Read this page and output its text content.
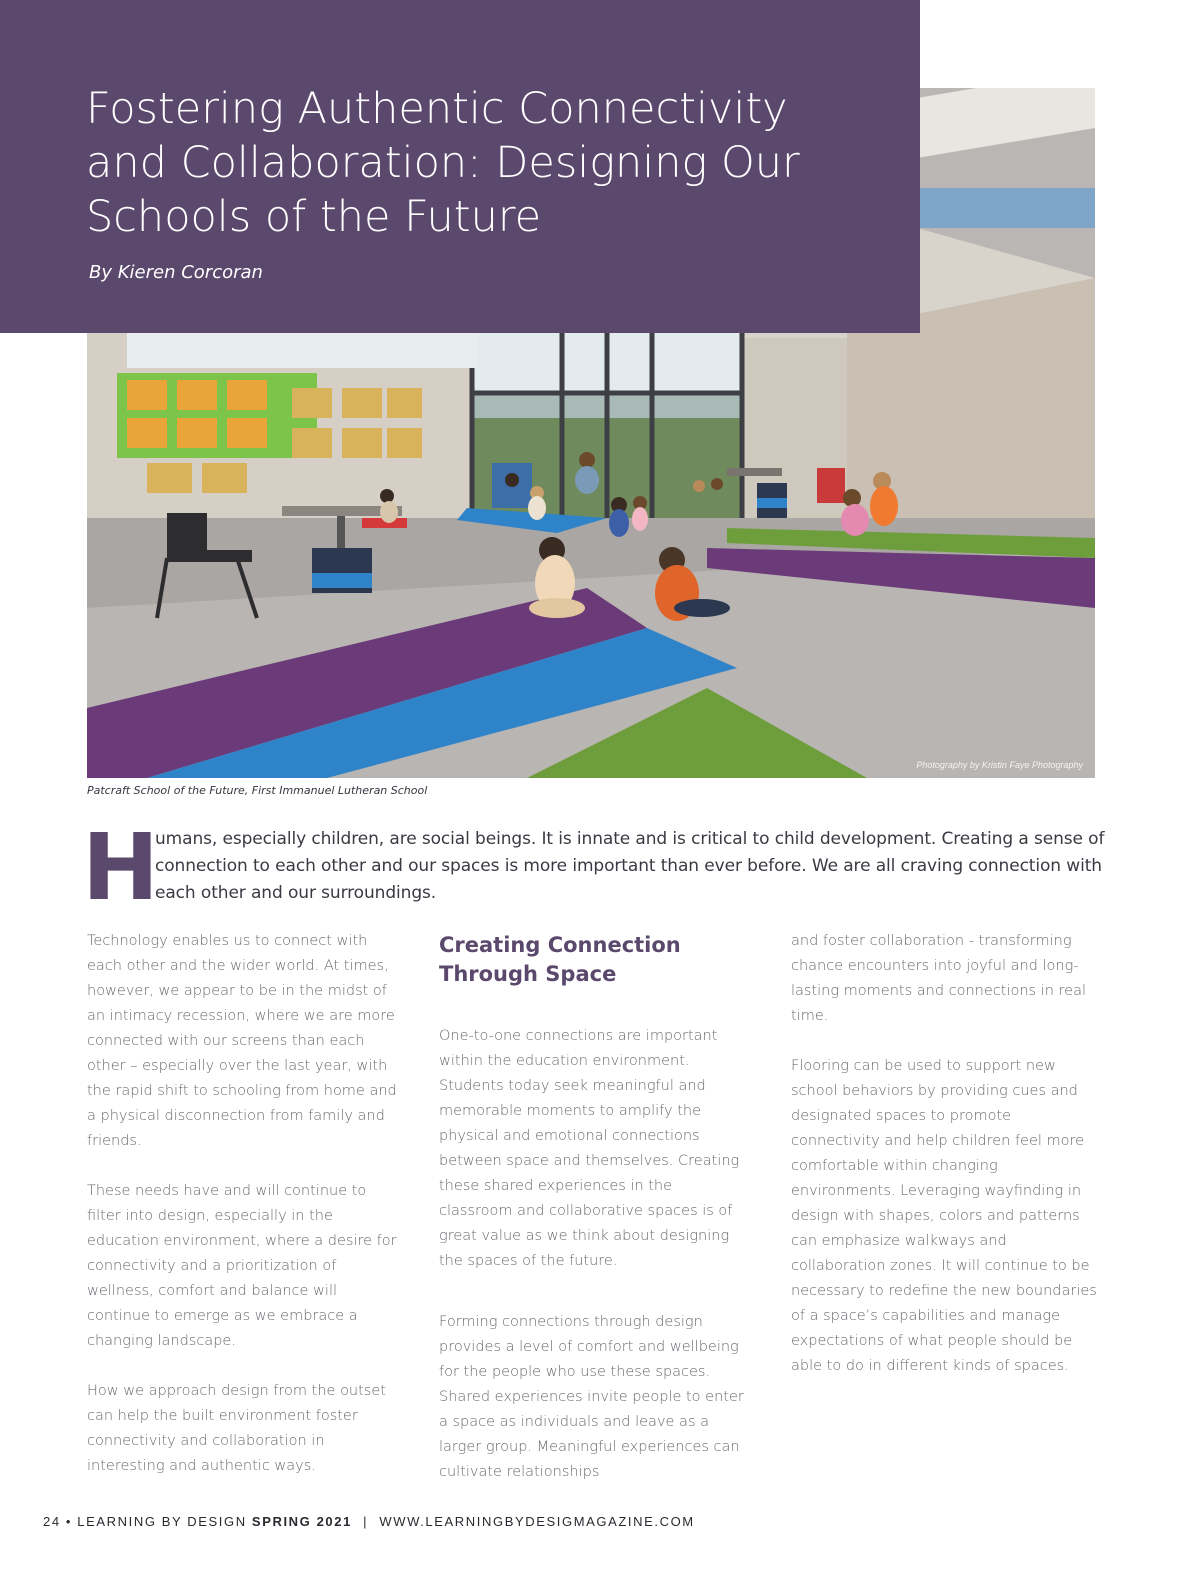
Photography by Kristin Faye Photography
Fostering Authentic Connectivity and Collaboration: Designing Our Schools of the Future

By Kieren Corcoran

Patcraft School of the Future, First Immanuel Lutheran School
H

umans, especially children, are social beings. It is innate and is critical to child development. Creating a sense of connection to each other and our spaces is more important than ever before. We are all craving connection with each other and our surroundings.

Technology enables us to connect with each other and the wider world. At times, however, we appear to be in the midst of an intimacy recession, where we are more connected with our screens than each other – especially over the last year, with the rapid shift to schooling from home and a physical disconnection from family and friends.

These needs have and will continue to filter into design, especially in the education environment, where a desire for connectivity and a prioritization of wellness, comfort and balance will continue to emerge as we embrace a changing landscape.

How we approach design from the outset can help the built environment foster connectivity and collaboration in interesting and authentic ways.

Creating Connection Through Space

One-to-one connections are important within the education environment. Students today seek meaningful and memorable moments to amplify the physical and emotional connections between space and themselves. Creating these shared experiences in the classroom and collaborative spaces is of great value as we think about designing the spaces of the future.

Forming connections through design provides a level of comfort and wellbeing for the people who use these spaces. Shared experiences invite people to enter a space as individuals and leave as a larger group. Meaningful experiences can cultivate relationships

and foster collaboration - transforming chance encounters into joyful and long-lasting moments and connections in real time.

Flooring can be used to support new school behaviors by providing cues and designated spaces to promote connectivity and help children feel more comfortable within changing environments. Leveraging wayfinding in design with shapes, colors and patterns can emphasize walkways and collaboration zones. It will continue to be necessary to redefine the new boundaries of a space’s capabilities and manage expectations of what people should be able to do in different kinds of spaces.

24 • LEARNING BY DESIGN SPRING 2021 | WWW.LEARNINGBYDESIGMAGAZINE.COM
